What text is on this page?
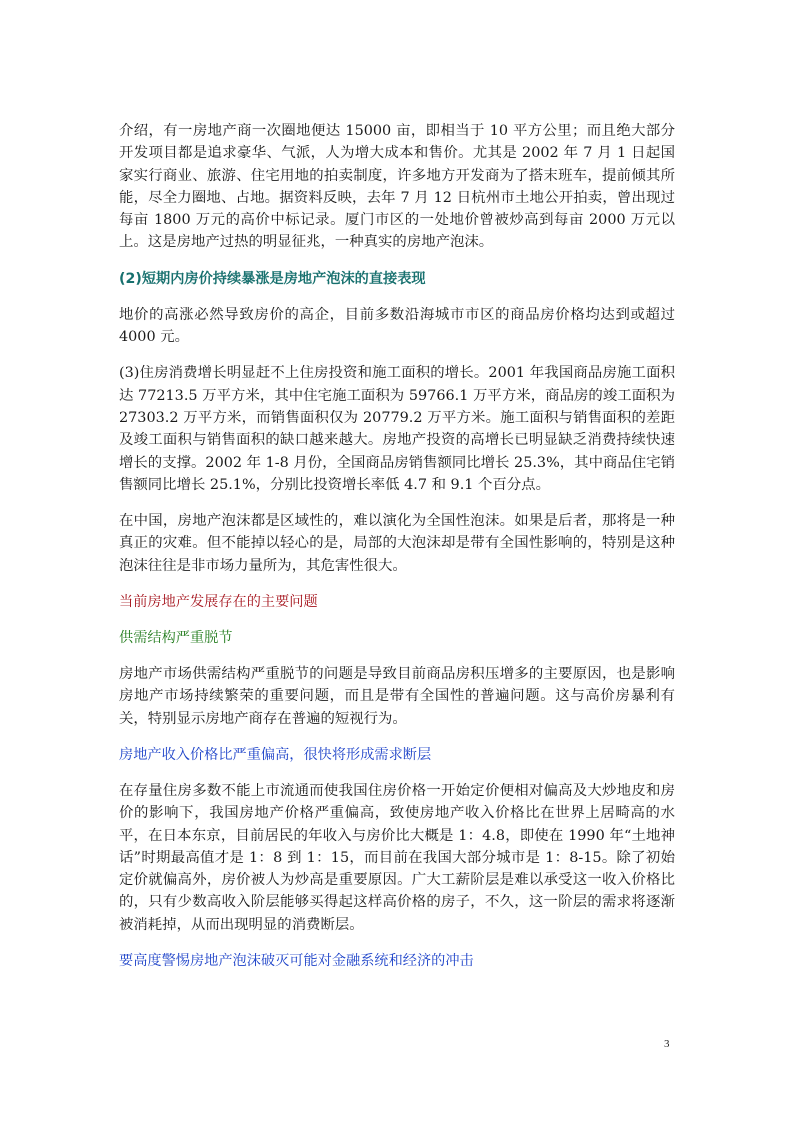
介绍，有一房地产商一次圈地便达 15000 亩，即相当于 10 平方公里；而且绝大部分开发项目都是追求豪华、气派，人为增大成本和售价。尤其是 2002 年 7 月 1 日起国家实行商业、旅游、住宅用地的拍卖制度，许多地方开发商为了搭末班车，提前倾其所能，尽全力圈地、占地。据资料反映，去年 7 月 12 日杭州市土地公开拍卖，曾出现过每亩 1800 万元的高价中标记录。厦门市区的一处地价曾被炒高到每亩 2000 万元以上。这是房地产过热的明显征兆，一种真实的房地产泡沫。

(2)短期内房价持续暴涨是房地产泡沫的直接表现

地价的高涨必然导致房价的高企，目前多数沿海城市市区的商品房价格均达到或超过 4000 元。

(3)住房消费增长明显赶不上住房投资和施工面积的增长。2001 年我国商品房施工面积达 77213.5 万平方米，其中住宅施工面积为 59766.1 万平方米，商品房的竣工面积为 27303.2 万平方米，而销售面积仅为 20779.2 万平方米。施工面积与销售面积的差距及竣工面积与销售面积的缺口越来越大。房地产投资的高增长已明显缺乏消费持续快速增长的支撑。2002 年 1-8 月份，全国商品房销售额同比增长 25.3%，其中商品住宅销售额同比增长 25.1%，分别比投资增长率低 4.7 和 9.1 个百分点。

在中国，房地产泡沫都是区域性的，难以演化为全国性泡沫。如果是后者，那将是一种真正的灾难。但不能掉以轻心的是，局部的大泡沫却是带有全国性影响的，特别是这种泡沫往往是非市场力量所为，其危害性很大。

当前房地产发展存在的主要问题

供需结构严重脱节

房地产市场供需结构严重脱节的问题是导致目前商品房积压增多的主要原因，也是影响房地产市场持续繁荣的重要问题，而且是带有全国性的普遍问题。这与高价房暴利有关，特别显示房地产商存在普遍的短视行为。

房地产收入价格比严重偏高，很快将形成需求断层

在存量住房多数不能上市流通而使我国住房价格一开始定价便相对偏高及大炒地皮和房价的影响下，我国房地产价格严重偏高，致使房地产收入价格比在世界上居畸高的水平，在日本东京，目前居民的年收入与房价比大概是 1：4.8，即使在 1990 年“土地神话”时期最高值才是 1：8 到 1：15，而目前在我国大部分城市是 1：8-15。除了初始定价就偏高外，房价被人为炒高是重要原因。广大工薪阶层是难以承受这一收入价格比的，只有少数高收入阶层能够买得起这样高价格的房子，不久，这一阶层的需求将逐渐被消耗掉，从而出现明显的消费断层。

要高度警惕房地产泡沫破灭可能对金融系统和经济的冲击

3
